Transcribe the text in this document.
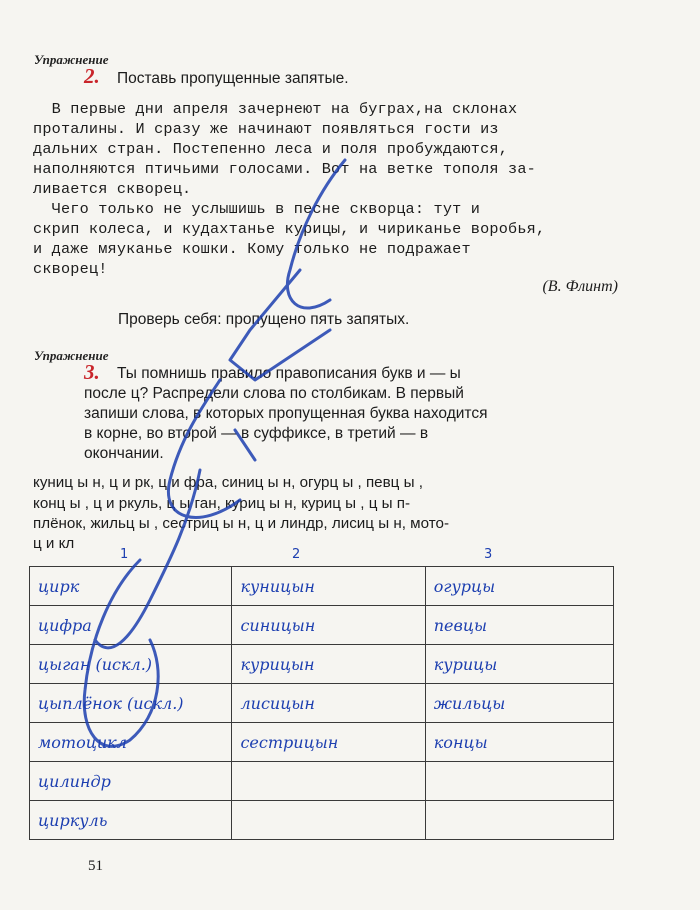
Упражнение
2. Поставь пропущенные запятые.
В первые дни апреля зачернеют на буграх,на склонах
проталины. И сразу же начинают появляться гости из
дальних стран. Постепенно леса и поля пробуждаются,
наполняются птичьими голосами. Вот на ветке тополя за-
ливается скворец.
Чего только не услышишь в песне скворца: тут и
скрип колеса, и кудахтанье курицы, и чириканье воробья,
и даже мяуканье кошки. Кому только не подражает
скворец!
(В. Флинт)
Проверь себя: пропущено пять запятых.
Упражнение
3. Ты помнишь правило правописания букв и — ы
после ц? Распредели слова по столбикам. В первый
запиши слова, в которых пропущенная буква находится
в корне, во второй — в суффиксе, в третий — в
окончании.
куниц ы н, ц и рк, ц и фра, синиц ы н, огурц ы , певц ы ,
конц ы , ц и ркуль, ц ы ган, куриц ы н, куриц ы , ц ы п-
плёнок, жильц ы , сестриц ы н, ц и линдр, лисиц ы н, мото-
ц и кл
1	2	3
цирк	куницын	огурцы
цифра	синицын	певцы
цыган (искл.)	курицын	курицы
цыплёнок (искл.)	лисицын	жильцы
мотоцикл	сестрицын	концы
цилиндр		
циркуль		
51
